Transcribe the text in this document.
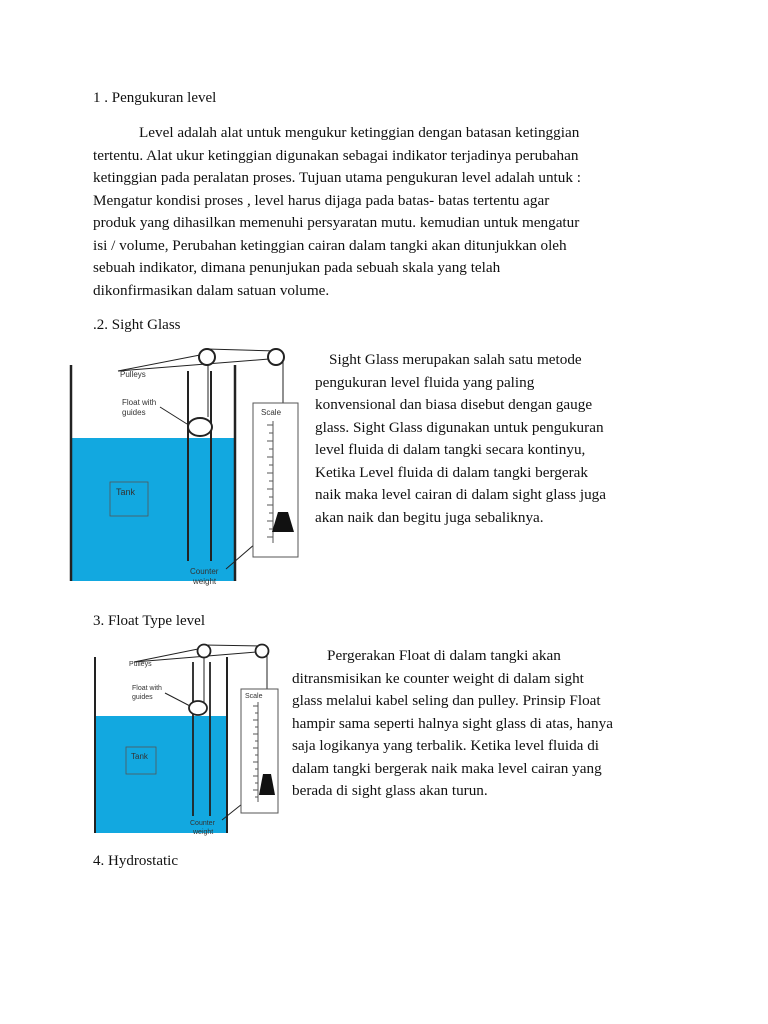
1 . Pengukuran level
Level adalah alat untuk mengukur ketinggian dengan batasan ketinggian
tertentu. Alat ukur ketinggian digunakan sebagai indikator terjadinya perubahan
ketinggian pada peralatan proses. Tujuan utama pengukuran level adalah untuk :
Mengatur kondisi proses , level harus dijaga pada batas- batas tertentu agar
produk yang dihasilkan memenuhi persyaratan mutu. kemudian untuk mengatur
isi / volume, Perubahan ketinggian cairan dalam tangki akan ditunjukkan oleh
sebuah indikator, dimana penunjukan pada sebuah skala yang telah
dikonfirmasikan dalam satuan volume.
.2. Sight Glass
Pulleys
Float with
guides
Tank
Scale
Counter
weight
Sight Glass merupakan salah satu metode
pengukuran level fluida yang paling
konvensional dan biasa disebut dengan gauge
glass. Sight Glass digunakan untuk pengukuran
level fluida di dalam tangki secara kontinyu,
Ketika Level fluida di dalam tangki bergerak
naik maka level cairan di dalam sight glass juga
akan naik dan begitu juga sebaliknya.
3. Float Type level
Pulleys
Float with
guides
Tank
Scale
Counter
weight
Pergerakan Float di dalam tangki akan
ditransmisikan ke counter weight di dalam sight
glass melalui kabel seling dan pulley. Prinsip Float
hampir sama seperti halnya sight glass di atas, hanya
saja logikanya yang terbalik. Ketika level fluida di
dalam tangki bergerak naik maka level cairan yang
berada di sight glass akan turun.
4. Hydrostatic
